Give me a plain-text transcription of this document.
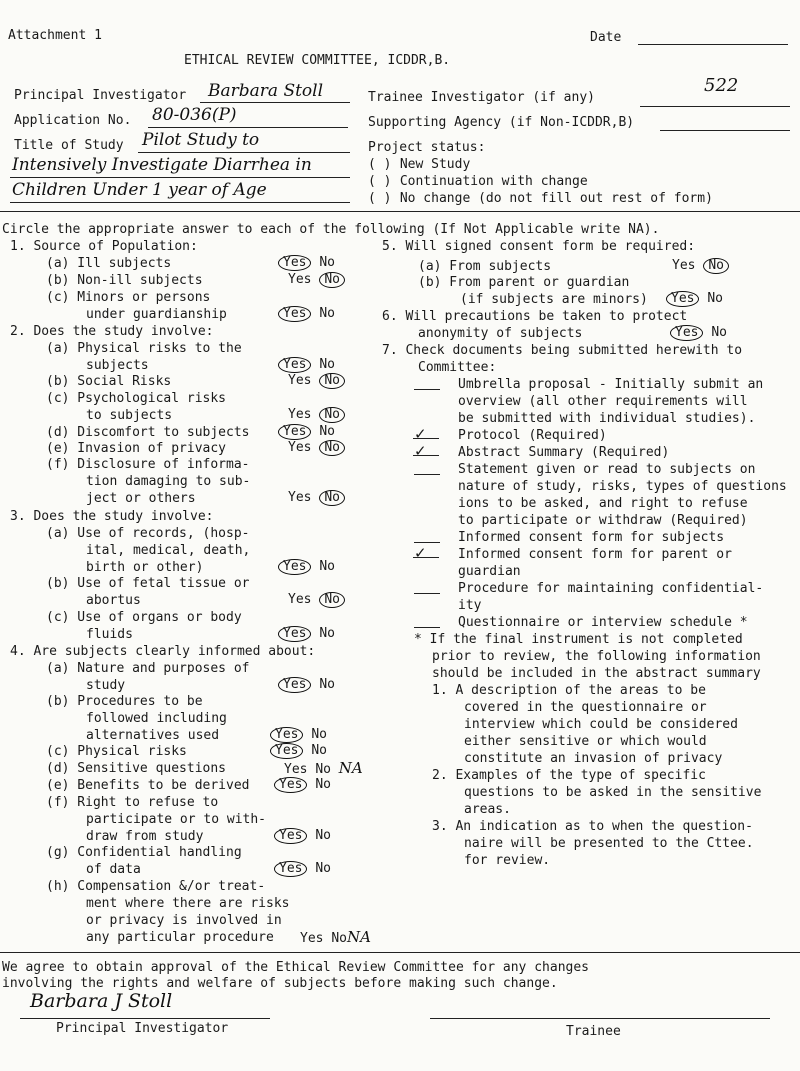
Attachment 1	Date
ETHICAL REVIEW COMMITTEE, ICDDR,B.
522
Principal Investigator Barbara Stoll	Trainee Investigator (if any)
Application No. 80-036(P)	Supporting Agency (if Non-ICDDR,B)
Title of Study Pilot Study to
Intensively Investigate Diarrhea in
Children Under 1 year of Age
Project status:
( ) New Study
( ) Continuation with change
( ) No change (do not fill out rest of form)
Circle the appropriate answer to each of the following (If Not Applicable write NA).
1. Source of Population:
(a) Ill subjects	Yes No
(b) Non-ill subjects	Yes No
(c) Minors or persons
under guardianship	Yes No
2. Does the study involve:
(a) Physical risks to the
subjects	Yes No
(b) Social Risks	Yes No
(c) Psychological risks
to subjects	Yes No
(d) Discomfort to subjects	Yes No
(e) Invasion of privacy	Yes No
(f) Disclosure of informa-
tion damaging to sub-
ject or others	Yes No
3. Does the study involve:
(a) Use of records, (hosp-
ital, medical, death,
birth or other)	Yes No
(b) Use of fetal tissue or
abortus	Yes No
(c) Use of organs or body
fluids	Yes No
4. Are subjects clearly informed about:
(a) Nature and purposes of
study	Yes No
(b) Procedures to be
followed including
alternatives used	Yes No
(c) Physical risks	Yes No
(d) Sensitive questions	Yes No NA
(e) Benefits to be derived	Yes No
(f) Right to refuse to
participate or to with-
draw from study	Yes No
(g) Confidential handling
of data	Yes No
(h) Compensation &/or treat-
ment where there are risks
or privacy is involved in
any particular procedure Yes NoNA
5. Will signed consent form be required:
(a) From subjects	Yes No
(b) From parent or guardian
(if subjects are minors)	Yes No
6. Will precautions be taken to protect
anonymity of subjects	Yes No
7. Check documents being submitted herewith to
Committee:
Umbrella proposal - Initially submit an
overview (all other requirements will
be submitted with individual studies).
✓	Protocol (Required)
✓	Abstract Summary (Required)
Statement given or read to subjects on
nature of study, risks, types of questions
ions to be asked, and right to refuse
to participate or withdraw (Required)
Informed consent form for subjects
✓	Informed consent form for parent or
guardian
Procedure for maintaining confidential-
ity
Questionnaire or interview schedule *
* If the final instrument is not completed
prior to review, the following information
should be included in the abstract summary
1. A description of the areas to be
covered in the questionnaire or
interview which could be considered
either sensitive or which would
constitute an invasion of privacy
2. Examples of the type of specific
questions to be asked in the sensitive
areas.
3. An indication as to when the question-
naire will be presented to the Cttee.
for review.
We agree to obtain approval of the Ethical Review Committee for any changes
involving the rights and welfare of subjects before making such change.
Barbara J Stoll
Principal Investigator	Trainee
